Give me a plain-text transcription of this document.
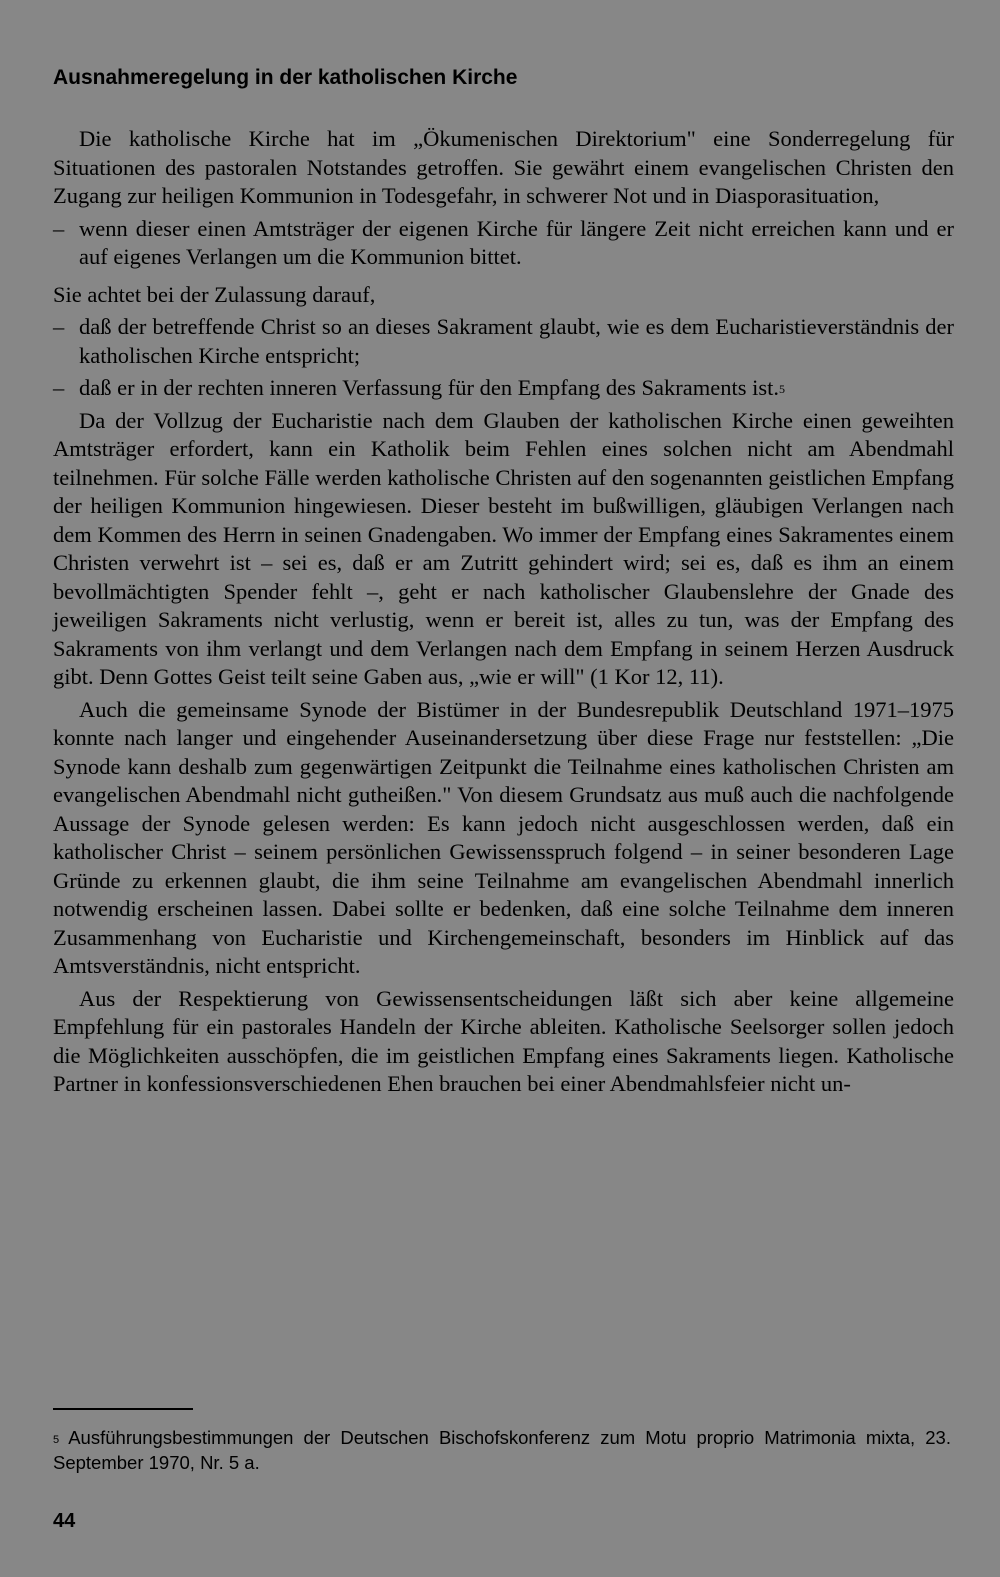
Ausnahmeregelung in der katholischen Kirche

Die katholische Kirche hat im „Ökumenischen Direktorium" eine Sonderregelung für Situationen des pastoralen Notstandes getroffen. Sie gewährt einem evangelischen Christen den Zugang zur heiligen Kommunion in Todesgefahr, in schwerer Not und in Diasporasituation,

– wenn dieser einen Amtsträger der eigenen Kirche für längere Zeit nicht erreichen kann und er auf eigenes Verlangen um die Kommunion bittet.

Sie achtet bei der Zulassung darauf,

– daß der betreffende Christ so an dieses Sakrament glaubt, wie es dem Eucharistieverständnis der katholischen Kirche entspricht;
– daß er in der rechten inneren Verfassung für den Empfang des Sakraments ist.$^5$

Da der Vollzug der Eucharistie nach dem Glauben der katholischen Kirche einen geweihten Amtsträger erfordert, kann ein Katholik beim Fehlen eines solchen nicht am Abendmahl teilnehmen. Für solche Fälle werden katholische Christen auf den sogenannten geistlichen Empfang der heiligen Kommunion hingewiesen. Dieser besteht im bußwilligen, gläubigen Verlangen nach dem Kommen des Herrn in seinen Gnadengaben. Wo immer der Empfang eines Sakramentes einem Christen verwehrt ist – sei es, daß er am Zutritt gehindert wird; sei es, daß es ihm an einem bevollmächtigten Spender fehlt –, geht er nach katholischer Glaubenslehre der Gnade des jeweiligen Sakraments nicht verlustig, wenn er bereit ist, alles zu tun, was der Empfang des Sakraments von ihm verlangt und dem Verlangen nach dem Empfang in seinem Herzen Ausdruck gibt. Denn Gottes Geist teilt seine Gaben aus, „wie er will" (1 Kor 12, 11).

Auch die gemeinsame Synode der Bistümer in der Bundesrepublik Deutschland 1971–1975 konnte nach langer und eingehender Auseinandersetzung über diese Frage nur feststellen: „Die Synode kann deshalb zum gegenwärtigen Zeitpunkt die Teilnahme eines katholischen Christen am evangelischen Abendmahl nicht gutheißen." Von diesem Grundsatz aus muß auch die nachfolgende Aussage der Synode gelesen werden: Es kann jedoch nicht ausgeschlossen werden, daß ein katholischer Christ – seinem persönlichen Gewissensspruch folgend – in seiner besonderen Lage Gründe zu erkennen glaubt, die ihm seine Teilnahme am evangelischen Abendmahl innerlich notwendig erscheinen lassen. Dabei sollte er bedenken, daß eine solche Teilnahme dem inneren Zusammenhang von Eucharistie und Kirchengemeinschaft, besonders im Hinblick auf das Amtsverständnis, nicht entspricht.

Aus der Respektierung von Gewissensentscheidungen läßt sich aber keine allgemeine Empfehlung für ein pastorales Handeln der Kirche ableiten. Katholische Seelsorger sollen jedoch die Möglichkeiten ausschöpfen, die im geistlichen Empfang eines Sakraments liegen. Katholische Partner in konfessionsverschiedenen Ehen brauchen bei einer Abendmahlsfeier nicht un-

$^5$ Ausführungsbestimmungen der Deutschen Bischofskonferenz zum Motu proprio Matrimonia mixta, 23. September 1970, Nr. 5 a.
44
